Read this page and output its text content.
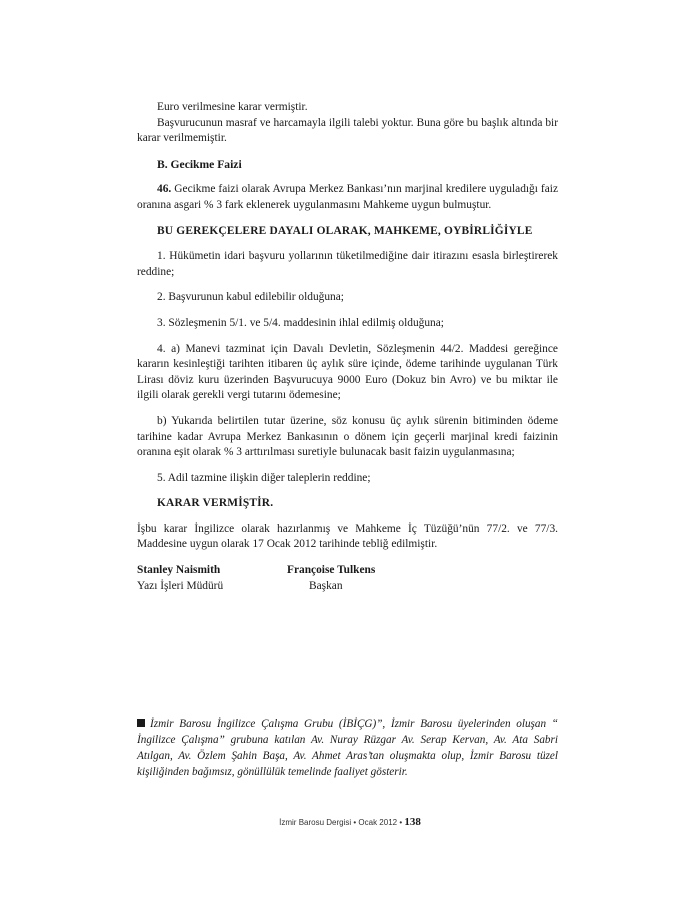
Euro verilmesine karar vermiştir.

Başvurucunun masraf ve harcamayla ilgili talebi yoktur. Buna göre bu başlık altında bir karar verilmemiştir.

B. Gecikme Faizi

46. Gecikme faizi olarak Avrupa Merkez Bankası’nın marjinal kredilere uyguladığı faiz oranına asgari % 3 fark eklenerek uygulanmasını Mahkeme uygun bulmuştur.

BU GEREKÇELERE DAYALI OLARAK, MAHKEME, OYBİRLİĞİYLE

1. Hükümetin idari başvuru yollarının tüketilmediğine dair itirazını esasla birleştirerek reddine;

2. Başvurunun kabul edilebilir olduğuna;

3. Sözleşmenin 5/1. ve 5/4. maddesinin ihlal edilmiş olduğuna;

4. a) Manevi tazminat için Davalı Devletin, Sözleşmenin 44/2. Maddesi gereğince kararın kesinleştiği tarihten itibaren üç aylık süre içinde, ödeme tarihinde uygulanan Türk Lirası döviz kuru üzerinden Başvurucuya 9000 Euro (Dokuz bin Avro) ve bu miktar ile ilgili olarak gerekli vergi tutarını ödemesine;

b) Yukarıda belirtilen tutar üzerine, söz konusu üç aylık sürenin bitiminden ödeme tarihine kadar Avrupa Merkez Bankasının o dönem için geçerli marjinal kredi faizinin oranına eşit olarak % 3 arttırılması suretiyle bulunacak basit faizin uygulanmasına;

5. Adil tazmine ilişkin diğer taleplerin reddine;

KARAR VERMİŞTİR.

İşbu karar İngilizce olarak hazırlanmış ve Mahkeme İç Tüzüğü’nün 77/2. ve 77/3. Maddesine uygun olarak 17 Ocak 2012 tarihinde tebliğ edilmiştir.

Stanley Naismith	Françoise Tulkens
Yazı İşleri Müdürü	Başkan
İzmir Barosu İngilizce Çalışma Grubu (İBİÇG)”, İzmir Barosu üyelerinden oluşan “ İngilizce Çalışma” grubuna katılan Av. Nuray Rüzgar Av. Serap Kervan, Av. Ata Sabri Atılgan, Av. Özlem Şahin Başa, Av. Ahmet Aras’tan oluşmakta olup, İzmir Barosu tüzel kişiliğinden bağımsız, gönüllülük temelinde faaliyet gösterir.
İzmir Barosu Dergisi • Ocak 2012 • 138
